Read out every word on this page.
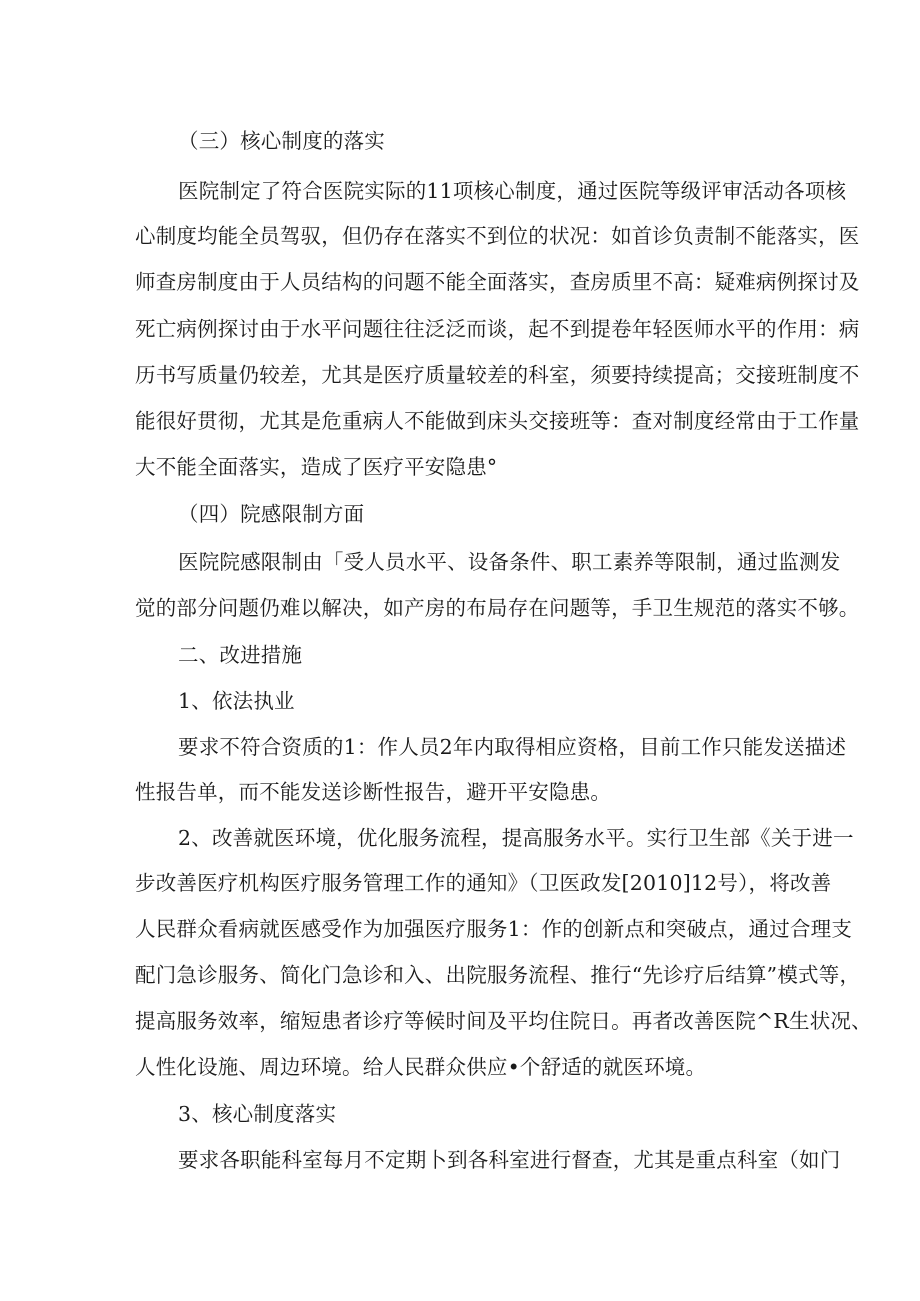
（三）核心制度的落实
医院制定了符合医院实际的11项核心制度，通过医院等级评审活动各项核
心制度均能全员驾驭，但仍存在落实不到位的状况：如首诊负责制不能落实，医
师查房制度由于人员结构的问题不能全面落实，查房质里不高：疑难病例探讨及
死亡病例探讨由于水平问题往往泛泛而谈，起不到提卷年轻医师水平的作用：病
历书写质量仍较差，尤其是医疗质量较差的科室，须要持续提高；交接班制度不
能很好贯彻，尤其是危重病人不能做到床头交接班等：查对制度经常由于工作量
大不能全面落实，造成了医疗平安隐患°
（四）院感限制方面
医院院感限制由「受人员水平、设备条件、职工素养等限制，通过监测发
觉的部分问题仍难以解决，如产房的布局存在问题等，手卫生规范的落实不够。
二、改进措施
1、依法执业
要求不符合资质的1：作人员2年内取得相应资格，目前工作只能发送描述
性报告单，而不能发送诊断性报告，避开平安隐患。
2、改善就医环境，优化服务流程，提高服务水平。实行卫生部《关于进一
步改善医疗机构医疗服务管理工作的通知》（卫医政发[2010]12号），将改善
人民群众看病就医感受作为加强医疗服务1：作的创新点和突破点，通过合理支
配门急诊服务、简化门急诊和入、出院服务流程、推行“先诊疗后结算”模式等，
提高服务效率，缩短患者诊疗等候时间及平均住院日。再者改善医院^R生状况、
人性化设施、周边环境。给人民群众供应•个舒适的就医环境。
3、核心制度落实
要求各职能科室每月不定期卜到各科室进行督查，尤其是重点科室（如门
